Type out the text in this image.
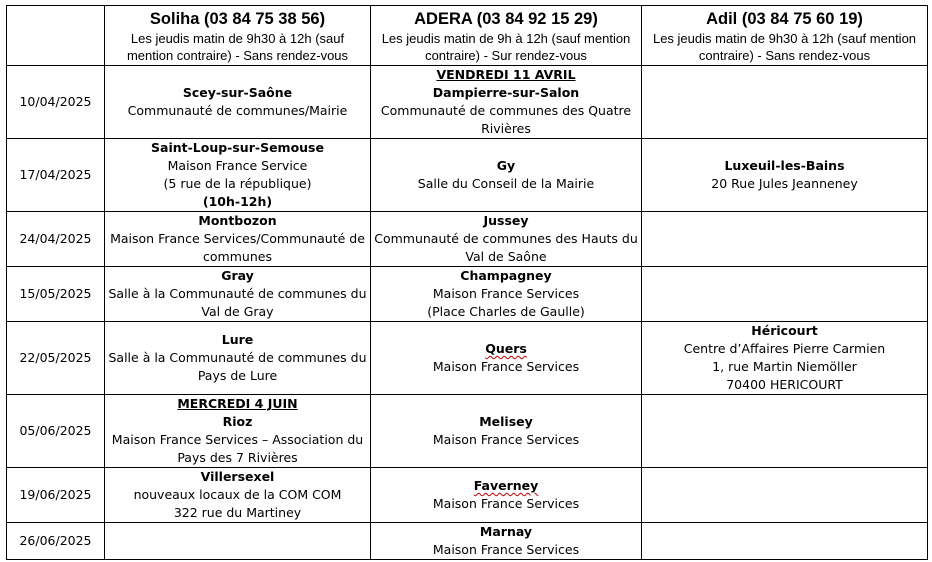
	Soliha (03 84 75 38 56)
Les jeudis matin de 9h30 à 12h (sauf
mention contraire) - Sans rendez-vous	ADERA (03 84 92 15 29)
Les jeudis matin de 9h à 12h (sauf mention
contraire) - Sur rendez-vous	Adil (03 84 75 60 19)
Les jeudis matin de 9h30 à 12h (sauf mention
contraire) - Sans rendez-vous

10/04/2025	Scey-sur-Saône
Communauté de communes/Mairie	VENDREDI 11 AVRIL
Dampierre-sur-Salon
Communauté de communes des Quatre
Rivières	

17/04/2025	Saint-Loup-sur-Semouse
Maison France Service
(5 rue de la république)
(10h-12h)	Gy
Salle du Conseil de la Mairie	Luxeuil-les-Bains
20 Rue Jules Jeanneney

24/04/2025	Montbozon
Maison France Services/Communauté de
communes	Jussey
Communauté de communes des Hauts du
Val de Saône	

15/05/2025	Gray
Salle à la Communauté de communes du
Val de Gray	Champagney
Maison France Services
(Place Charles de Gaulle)	

22/05/2025	Lure
Salle à la Communauté de communes du
Pays de Lure	Quers
Maison France Services	Héricourt
Centre d’Affaires Pierre Carmien
1, rue Martin Niemöller
70400 HERICOURT

05/06/2025	MERCREDI 4 JUIN
Rioz
Maison France Services – Association du
Pays des 7 Rivières	Melisey
Maison France Services	

19/06/2025	Villersexel
nouveaux locaux de la COM COM
322 rue du Martiney	Faverney
Maison France Services	

26/06/2025		Marnay
Maison France Services	
